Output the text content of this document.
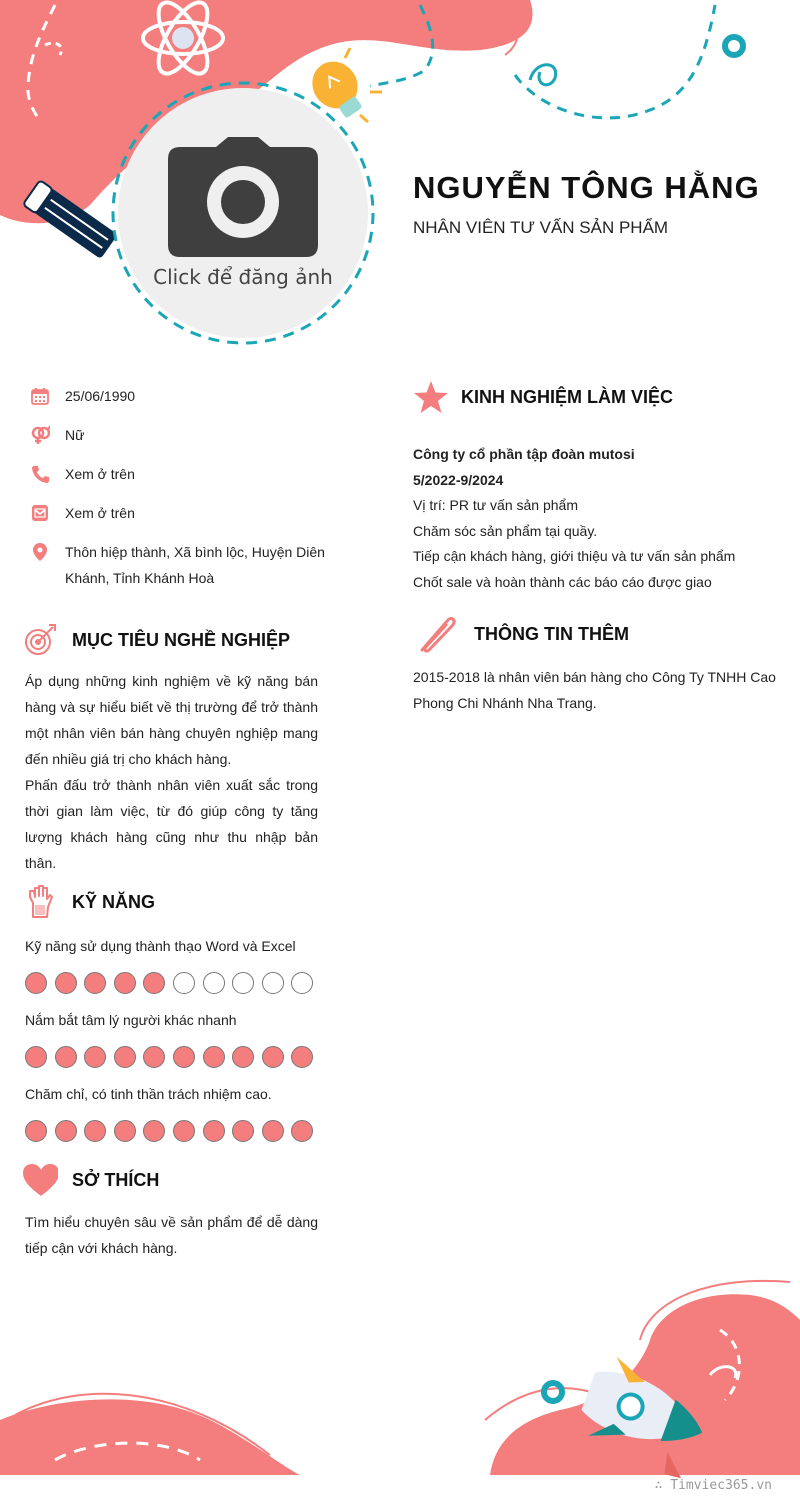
Click để đăng ảnh
NGUYỄN TÔNG HẰNG
NHÂN VIÊN TƯ VẤN SẢN PHẨM
25/06/1990
Nữ
Xem ở trên
Xem ở trên
Thôn hiệp thành, Xã bình lộc, Huyện Diên Khánh, Tỉnh Khánh Hoà
MỤC TIÊU NGHỀ NGHIỆP
Áp dụng những kinh nghiệm về kỹ năng bán hàng và sự hiểu biết về thị trường để trở thành một nhân viên bán hàng chuyên nghiệp mang đến nhiều giá trị cho khách hàng.
Phấn đấu trở thành nhân viên xuất sắc trong thời gian làm việc, từ đó giúp công ty tăng lượng khách hàng cũng như thu nhập bản thân.
KỸ NĂNG
Kỹ năng sử dụng thành thạo Word và Excel
Nắm bắt tâm lý người khác nhanh
Chăm chỉ, có tinh thần trách nhiệm cao.
SỞ THÍCH
Tìm hiểu chuyên sâu về sản phẩm để dễ dàng tiếp cận với khách hàng.
KINH NGHIỆM LÀM VIỆC
Công ty cổ phần tập đoàn mutosi
5/2022-9/2024
Vị trí: PR tư vấn sản phẩm
Chăm sóc sản phẩm tại quầy.
Tiếp cận khách hàng, giới thiệu và tư vấn sản phẩm
Chốt sale và hoàn thành các báo cáo được giao
THÔNG TIN THÊM
2015-2018 là nhân viên bán hàng cho Công Ty TNHH Cao Phong Chi Nhánh Nha Trang.
∴ Timviec365.vn
